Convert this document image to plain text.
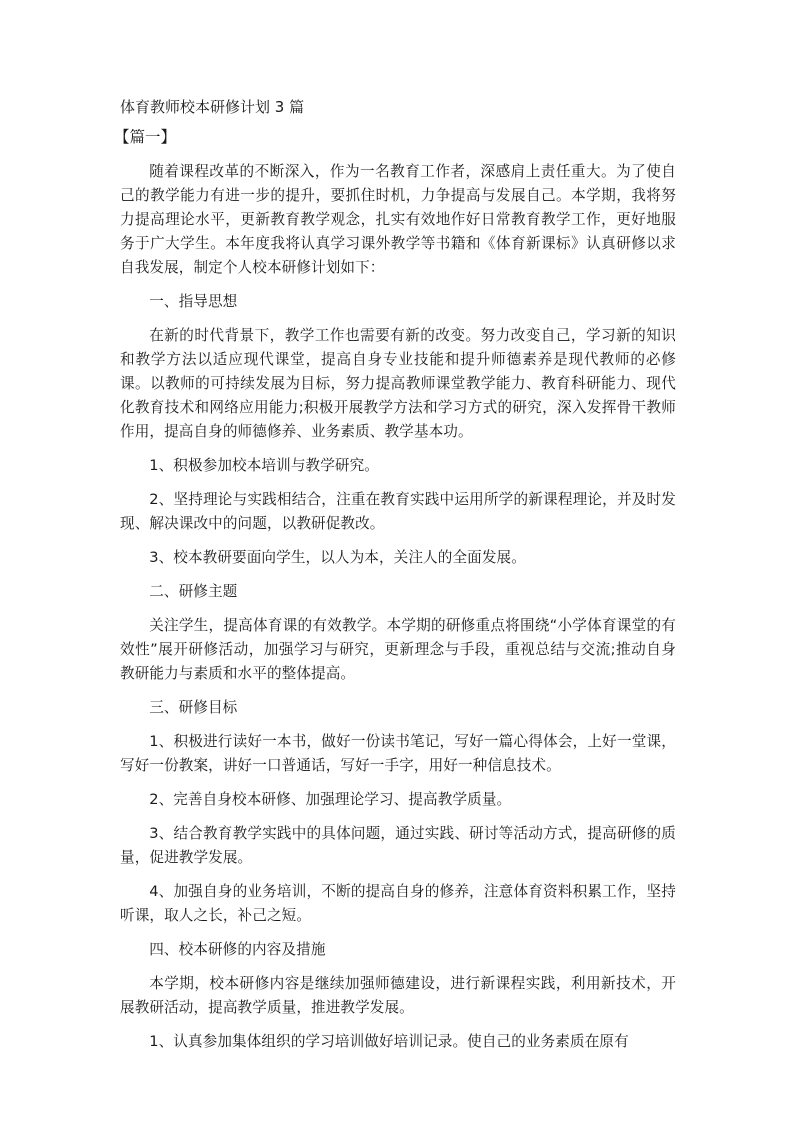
体育教师校本研修计划 3 篇
【篇一】

随着课程改革的不断深入，作为一名教育工作者，深感肩上责任重大。为了使自己的教学能力有进一步的提升，要抓住时机，力争提高与发展自己。本学期，我将努力提高理论水平，更新教育教学观念，扎实有效地作好日常教育教学工作，更好地服务于广大学生。本年度我将认真学习课外教学等书籍和《体育新课标》认真研修以求自我发展，制定个人校本研修计划如下：

一、指导思想

在新的时代背景下，教学工作也需要有新的改变。努力改变自己，学习新的知识和教学方法以适应现代课堂，提高自身专业技能和提升师德素养是现代教师的必修课。以教师的可持续发展为目标，努力提高教师课堂教学能力、教育科研能力、现代化教育技术和网络应用能力;积极开展教学方法和学习方式的研究，深入发挥骨干教师作用，提高自身的师德修养、业务素质、教学基本功。

1、积极参加校本培训与教学研究。

2、坚持理论与实践相结合，注重在教育实践中运用所学的新课程理论，并及时发现、解决课改中的问题，以教研促教改。

3、校本教研要面向学生，以人为本，关注人的全面发展。

二、研修主题

关注学生，提高体育课的有效教学。本学期的研修重点将围绕“小学体育课堂的有效性”展开研修活动，加强学习与研究，更新理念与手段，重视总结与交流;推动自身教研能力与素质和水平的整体提高。

三、研修目标

1、积极进行读好一本书，做好一份读书笔记，写好一篇心得体会，上好一堂课，写好一份教案，讲好一口普通话，写好一手字，用好一种信息技术。

2、完善自身校本研修、加强理论学习、提高教学质量。

3、结合教育教学实践中的具体问题，通过实践、研讨等活动方式，提高研修的质量，促进教学发展。

4、加强自身的业务培训，不断的提高自身的修养，注意体育资料积累工作，坚持听课，取人之长，补己之短。

四、校本研修的内容及措施

本学期，校本研修内容是继续加强师德建设，进行新课程实践，利用新技术，开展教研活动，提高教学质量，推进教学发展。

1、认真参加集体组织的学习培训做好培训记录。使自己的业务素质在原有
